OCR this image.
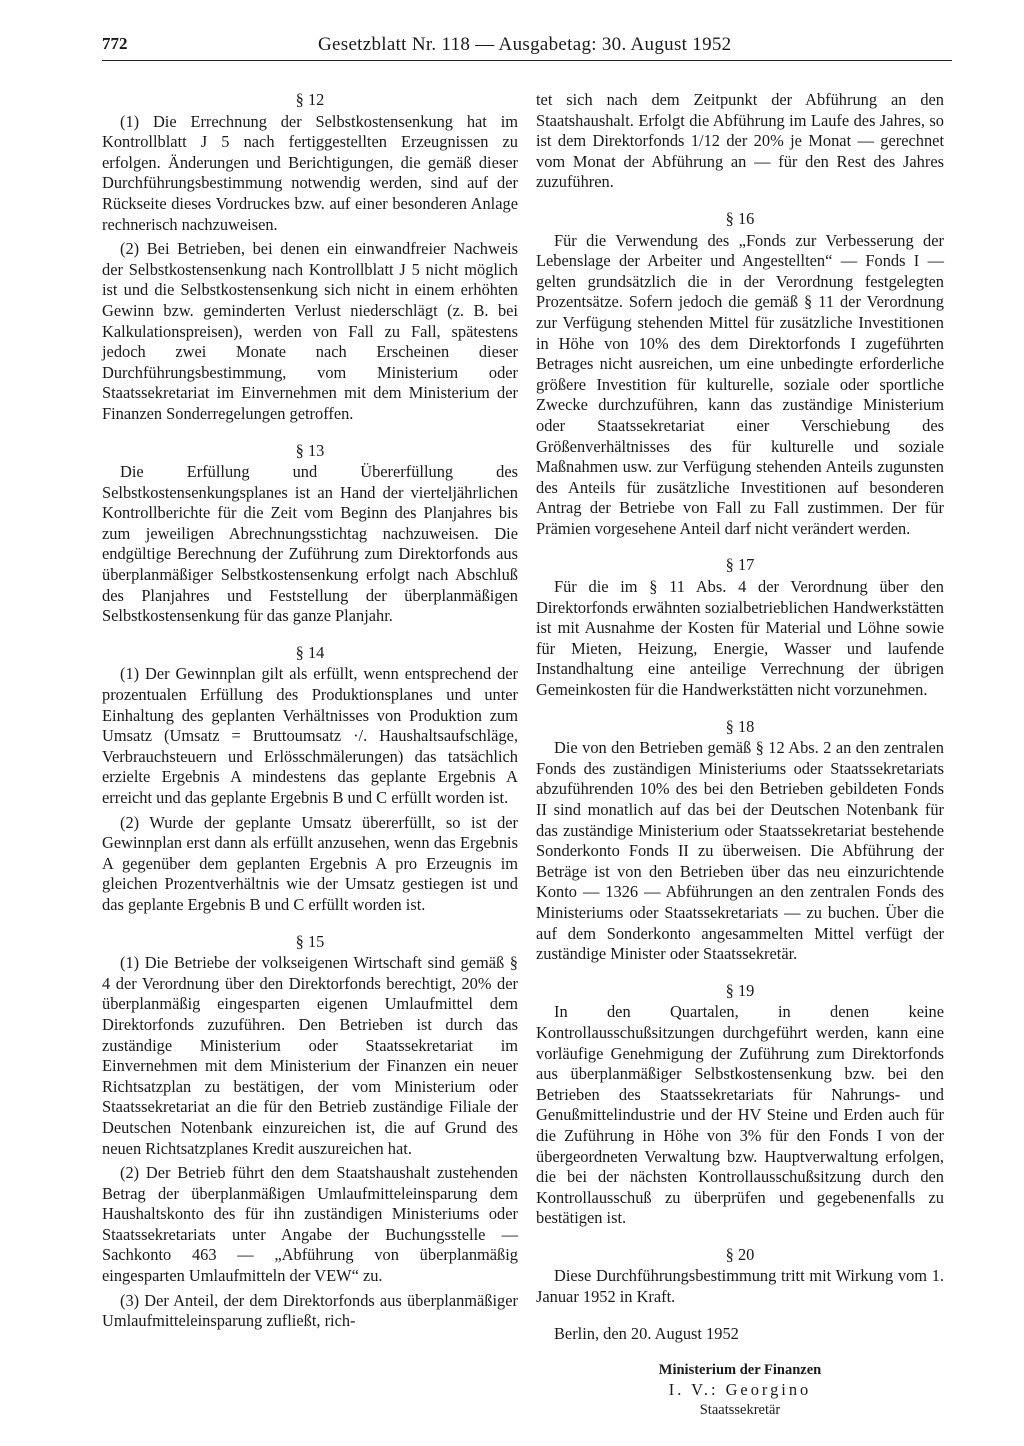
772	Gesetzblatt Nr. 118 — Ausgabetag: 30. August 1952
§ 12

(1) Die Errechnung der Selbstkostensenkung hat im Kontrollblatt J 5 nach fertiggestellten Erzeugnissen zu erfolgen. Änderungen und Berichtigungen, die gemäß dieser Durchführungsbestimmung notwendig werden, sind auf der Rückseite dieses Vordruckes bzw. auf einer besonderen Anlage rechnerisch nachzuweisen.

(2) Bei Betrieben, bei denen ein einwandfreier Nachweis der Selbstkostensenkung nach Kontrollblatt J 5 nicht möglich ist und die Selbstkostensenkung sich nicht in einem erhöhten Gewinn bzw. geminderten Verlust niederschlägt (z. B. bei Kalkulationspreisen), werden von Fall zu Fall, spätestens jedoch zwei Monate nach Erscheinen dieser Durchführungsbestimmung, vom Ministerium oder Staatssekretariat im Einvernehmen mit dem Ministerium der Finanzen Sonderregelungen getroffen.

§ 13

Die Erfüllung und Übererfüllung des Selbstkostensenkungsplanes ist an Hand der vierteljährlichen Kontrollberichte für die Zeit vom Beginn des Planjahres bis zum jeweiligen Abrechnungsstichtag nachzuweisen. Die endgültige Berechnung der Zuführung zum Direktorfonds aus überplanmäßiger Selbstkostensenkung erfolgt nach Abschluß des Planjahres und Feststellung der überplanmäßigen Selbstkostensenkung für das ganze Planjahr.

§ 14

(1) Der Gewinnplan gilt als erfüllt, wenn entsprechend der prozentualen Erfüllung des Produktionsplanes und unter Einhaltung des geplanten Verhältnisses von Produktion zum Umsatz (Umsatz = Bruttoumsatz ·/. Haushaltsaufschläge, Verbrauchsteuern und Erlösschmälerungen) das tatsächlich erzielte Ergebnis A mindestens das geplante Ergebnis A erreicht und das geplante Ergebnis B und C erfüllt worden ist.

(2) Wurde der geplante Umsatz übererfüllt, so ist der Gewinnplan erst dann als erfüllt anzusehen, wenn das Ergebnis A gegenüber dem geplanten Ergebnis A pro Erzeugnis im gleichen Prozentverhältnis wie der Umsatz gestiegen ist und das geplante Ergebnis B und C erfüllt worden ist.

§ 15

(1) Die Betriebe der volkseigenen Wirtschaft sind gemäß § 4 der Verordnung über den Direktorfonds berechtigt, 20% der überplanmäßig eingesparten eigenen Umlaufmittel dem Direktorfonds zuzuführen. Den Betrieben ist durch das zuständige Ministerium oder Staatssekretariat im Einvernehmen mit dem Ministerium der Finanzen ein neuer Richtsatzplan zu bestätigen, der vom Ministerium oder Staatssekretariat an die für den Betrieb zuständige Filiale der Deutschen Notenbank einzureichen ist, die auf Grund des neuen Richtsatzplanes Kredit auszureichen hat.

(2) Der Betrieb führt den dem Staatshaushalt zustehenden Betrag der überplanmäßigen Umlaufmitteleinsparung dem Haushaltskonto des für ihn zuständigen Ministeriums oder Staatssekretariats unter Angabe der Buchungsstelle — Sachkonto 463 — „Abführung von überplanmäßig eingesparten Umlaufmitteln der VEW“ zu.

(3) Der Anteil, der dem Direktorfonds aus überplanmäßiger Umlaufmitteleinsparung zufließt, rich-

tet sich nach dem Zeitpunkt der Abführung an den Staatshaushalt. Erfolgt die Abführung im Laufe des Jahres, so ist dem Direktorfonds 1/12 der 20% je Monat — gerechnet vom Monat der Abführung an — für den Rest des Jahres zuzuführen.

§ 16

Für die Verwendung des „Fonds zur Verbesserung der Lebenslage der Arbeiter und Angestellten“ — Fonds I — gelten grundsätzlich die in der Verordnung festgelegten Prozentsätze. Sofern jedoch die gemäß § 11 der Verordnung zur Verfügung stehenden Mittel für zusätzliche Investitionen in Höhe von 10% des dem Direktorfonds I zugeführten Betrages nicht ausreichen, um eine unbedingte erforderliche größere Investition für kulturelle, soziale oder sportliche Zwecke durchzuführen, kann das zuständige Ministerium oder Staatssekretariat einer Verschiebung des Größenverhältnisses des für kulturelle und soziale Maßnahmen usw. zur Verfügung stehenden Anteils zugunsten des Anteils für zusätzliche Investitionen auf besonderen Antrag der Betriebe von Fall zu Fall zustimmen. Der für Prämien vorgesehene Anteil darf nicht verändert werden.

§ 17

Für die im § 11 Abs. 4 der Verordnung über den Direktorfonds erwähnten sozialbetrieblichen Handwerkstätten ist mit Ausnahme der Kosten für Material und Löhne sowie für Mieten, Heizung, Energie, Wasser und laufende Instandhaltung eine anteilige Verrechnung der übrigen Gemeinkosten für die Handwerkstätten nicht vorzunehmen.

§ 18

Die von den Betrieben gemäß § 12 Abs. 2 an den zentralen Fonds des zuständigen Ministeriums oder Staatssekretariats abzuführenden 10% des bei den Betrieben gebildeten Fonds II sind monatlich auf das bei der Deutschen Notenbank für das zuständige Ministerium oder Staatssekretariat bestehende Sonderkonto Fonds II zu überweisen. Die Abführung der Beträge ist von den Betrieben über das neu einzurichtende Konto — 1326 — Abführungen an den zentralen Fonds des Ministeriums oder Staatssekretariats — zu buchen. Über die auf dem Sonderkonto angesammelten Mittel verfügt der zuständige Minister oder Staatssekretär.

§ 19

In den Quartalen, in denen keine Kontrollausschußsitzungen durchgeführt werden, kann eine vorläufige Genehmigung der Zuführung zum Direktorfonds aus überplanmäßiger Selbstkostensenkung bzw. bei den Betrieben des Staatssekretariats für Nahrungs- und Genußmittelindustrie und der HV Steine und Erden auch für die Zuführung in Höhe von 3% für den Fonds I von der übergeordneten Verwaltung bzw. Hauptverwaltung erfolgen, die bei der nächsten Kontrollausschußsitzung durch den Kontrollausschuß zu überprüfen und gegebenenfalls zu bestätigen ist.

§ 20

Diese Durchführungsbestimmung tritt mit Wirkung vom 1. Januar 1952 in Kraft.

Berlin, den 20. August 1952

Ministerium der Finanzen
I. V.: Georgino
Staatssekretär
